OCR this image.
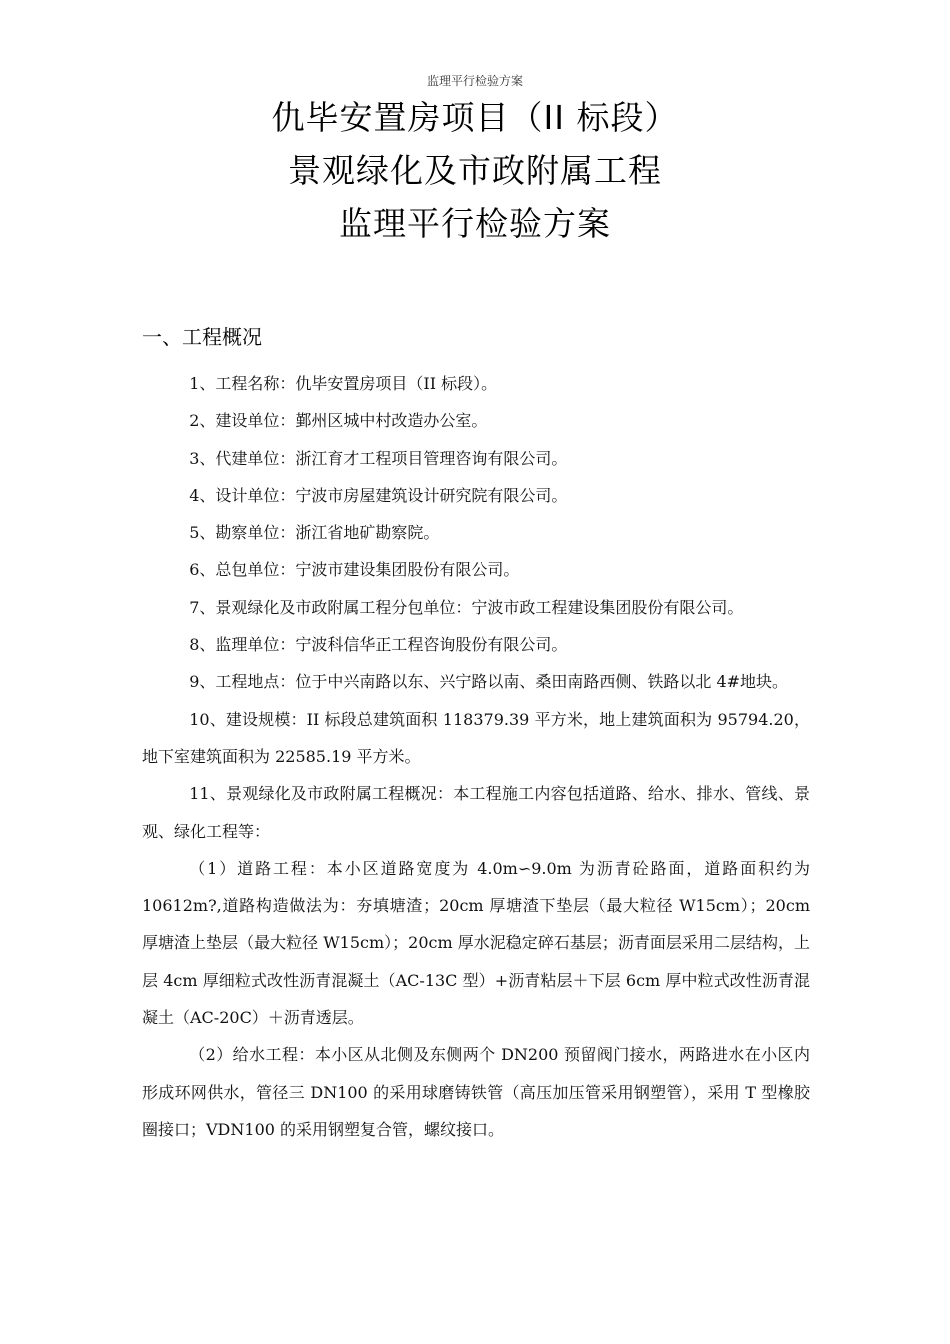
监理平行检验方案
仇毕安置房项目（II 标段）
景观绿化及市政附属工程
监理平行检验方案
一、工程概况

1、工程名称：仇毕安置房项目（II 标段）。

2、建设单位：鄞州区城中村改造办公室。

3、代建单位：浙江育才工程项目管理咨询有限公司。

4、设计单位：宁波市房屋建筑设计研究院有限公司。

5、勘察单位：浙江省地矿勘察院。

6、总包单位：宁波市建设集团股份有限公司。

7、景观绿化及市政附属工程分包单位：宁波市政工程建设集团股份有限公司。

8、监理单位：宁波科信华正工程咨询股份有限公司。

9、工程地点：位于中兴南路以东、兴宁路以南、桑田南路西侧、铁路以北 4#地块。

10、建设规模：II 标段总建筑面积 118379.39 平方米，地上建筑面积为 95794.20，地下室建筑面积为 22585.19 平方米。

11、景观绿化及市政附属工程概况：本工程施工内容包括道路、给水、排水、管线、景观、绿化工程等：

（1）道路工程：本小区道路宽度为 4.0m∽9.0m 为沥青砼路面，道路面积约为 10612m?,道路构造做法为：夯填塘渣；20cm 厚塘渣下垫层（最大粒径 W15cm）；20cm 厚塘渣上垫层（最大粒径 W15cm）；20cm 厚水泥稳定碎石基层；沥青面层采用二层结构，上层 4cm 厚细粒式改性沥青混凝土（AC-13C 型）+沥青粘层＋下层 6cm 厚中粒式改性沥青混凝土（AC-20C）＋沥青透层。

（2）给水工程：本小区从北侧及东侧两个 DN200 预留阀门接水，两路进水在小区内形成环网供水，管径三 DN100 的采用球磨铸铁管（高压加压管采用钢塑管），采用 T 型橡胶圈接口；VDN100 的采用钢塑复合管，螺纹接口。
